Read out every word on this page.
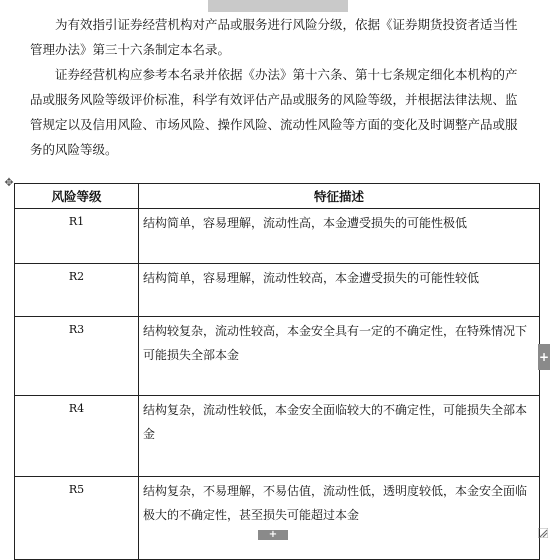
为有效指引证券经营机构对产品或服务进行风险分级，依据《证券期货投资者适当性管理办法》第三十六条制定本名录。

证券经营机构应参考本名录并依据《办法》第十六条、第十七条规定细化本机构的产品或服务风险等级评价标准，科学有效评估产品或服务的风险等级，并根据法律法规、监管规定以及信用风险、市场风险、操作风险、流动性风险等方面的变化及时调整产品或服务的风险等级。

✥
风险等级	特征描述
R1	结构简单，容易理解，流动性高，本金遭受损失的可能性极低
R2	结构简单，容易理解，流动性较高，本金遭受损失的可能性较低
R3	结构较复杂，流动性较高，本金安全具有一定的不确定性，在特殊情况下可能损失全部本金
R4	结构复杂，流动性较低，本金安全面临较大的不确定性，可能损失全部本金
R5	结构复杂，不易理解，不易估值，流动性低，透明度较低，本金安全面临极大的不确定性，甚至损失可能超过本金
+
+
